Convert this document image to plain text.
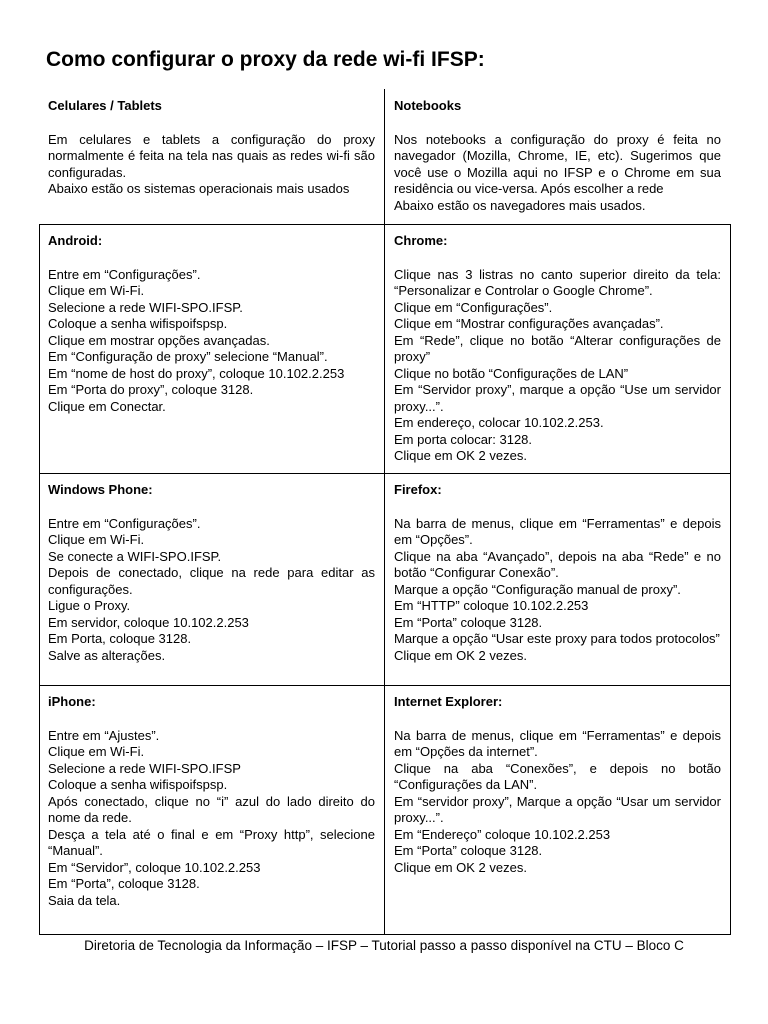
Como configurar o proxy da rede wi-fi IFSP:
Celulares / Tablets
Em celulares e tablets a configuração do proxy normalmente é feita na tela nas quais as redes wi-fi são configuradas.
Abaixo estão os sistemas operacionais mais usados
Notebooks
Nos notebooks a configuração do proxy é feita no navegador (Mozilla, Chrome, IE, etc). Sugerimos que você use o Mozilla aqui no IFSP e o Chrome em sua residência ou vice-versa. Após escolher a rede
Abaixo estão os navegadores mais usados.
Android:
Entre em “Configurações”.
Clique em Wi-Fi.
Selecione a rede WIFI-SPO.IFSP.
Coloque a senha wifispoifspsp.
Clique em mostrar opções avançadas.
Em “Configuração de proxy” selecione “Manual”.
Em “nome de host do proxy”, coloque 10.102.2.253
Em “Porta do proxy”, coloque 3128.
Clique em Conectar.
Chrome:
Clique nas 3 listras no canto superior direito da tela: “Personalizar e Controlar o Google Chrome”.
Clique em “Configurações”.
Clique em “Mostrar configurações avançadas”.
Em “Rede”, clique no botão “Alterar configurações de proxy”
Clique no botão “Configurações de LAN”
Em “Servidor proxy”, marque a opção “Use um servidor proxy...”.
Em endereço, colocar 10.102.2.253.
Em porta colocar: 3128.
Clique em OK 2 vezes.
Windows Phone:
Entre em “Configurações”.
Clique em Wi-Fi.
Se conecte a WIFI-SPO.IFSP.
Depois de conectado, clique na rede para editar as configurações.
Ligue o Proxy.
Em servidor, coloque 10.102.2.253
Em Porta, coloque 3128.
Salve as alterações.
Firefox:
Na barra de menus, clique em “Ferramentas” e depois em “Opções”.
Clique na aba “Avançado”, depois na aba “Rede” e no botão “Configurar Conexão”.
Marque a opção “Configuração manual de proxy”.
Em “HTTP” coloque 10.102.2.253
Em “Porta” coloque 3128.
Marque a opção “Usar este proxy para todos protocolos”
Clique em OK 2 vezes.
iPhone:
Entre em “Ajustes”.
Clique em Wi-Fi.
Selecione a rede WIFI-SPO.IFSP
Coloque a senha wifispoifspsp.
Após conectado, clique no “i” azul do lado direito do nome da rede.
Desça a tela até o final e em “Proxy http”, selecione “Manual”.
Em “Servidor”, coloque 10.102.2.253
Em “Porta”, coloque 3128.
Saia da tela.
Internet Explorer:
Na barra de menus, clique em “Ferramentas” e depois em “Opções da internet”.
Clique na aba “Conexões”, e depois no botão “Configurações da LAN”.
Em “servidor proxy”, Marque a opção “Usar um servidor proxy...”.
Em “Endereço” coloque 10.102.2.253
Em “Porta” coloque 3128.
Clique em OK 2 vezes.
Diretoria de Tecnologia da Informação – IFSP – Tutorial passo a passo disponível na CTU – Bloco C
